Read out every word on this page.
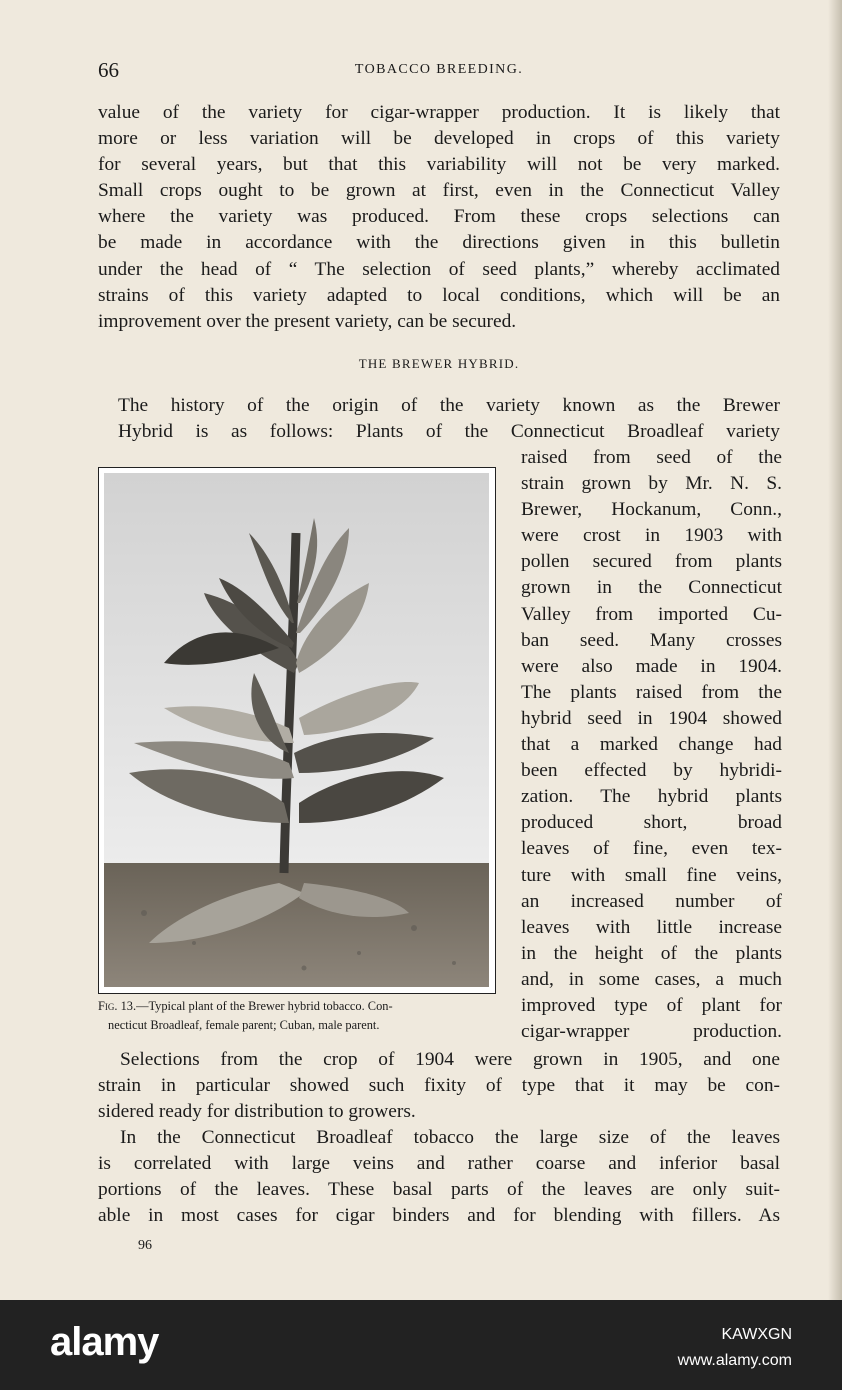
66	TOBACCO BREEDING.
value of the variety for cigar-wrapper production. It is likely that
more or less variation will be developed in crops of this variety
for several years, but that this variability will not be very marked.
Small crops ought to be grown at first, even in the Connecticut Valley
where the variety was produced. From these crops selections can
be made in accordance with the directions given in this bulletin
under the head of “ The selection of seed plants,” whereby acclimated
strains of this variety adapted to local conditions, which will be an
improvement over the present variety, can be secured.
THE BREWER HYBRID.
The history of the origin of the variety known as the Brewer
Hybrid is as follows: Plants of the Connecticut Broadleaf variety
raised from seed of the
strain grown by Mr. N. S.
Brewer, Hockanum, Conn.,
were crost in 1903 with
pollen secured from plants
grown in the Connecticut
Valley from imported Cu-
ban seed. Many crosses
were also made in 1904.
The plants raised from the
hybrid seed in 1904 showed
that a marked change had
been effected by hybridi-
zation. The hybrid plants
produced short, broad
leaves of fine, even tex-
ture with small fine veins,
an increased number of
leaves with little increase
in the height of the plants
and, in some cases, a much
improved type of plant for
cigar-wrapper production.
Fig. 13.—Typical plant of the Brewer hybrid tobacco. Con-
necticut Broadleaf, female parent; Cuban, male parent.
Selections from the crop of 1904 were grown in 1905, and one
strain in particular showed such fixity of type that it may be con-
sidered ready for distribution to growers.
In the Connecticut Broadleaf tobacco the large size of the leaves
is correlated with large veins and rather coarse and inferior basal
portions of the leaves. These basal parts of the leaves are only suit-
able in most cases for cigar binders and for blending with fillers. As
96
alamy	KAWXGN
www.alamy.com
